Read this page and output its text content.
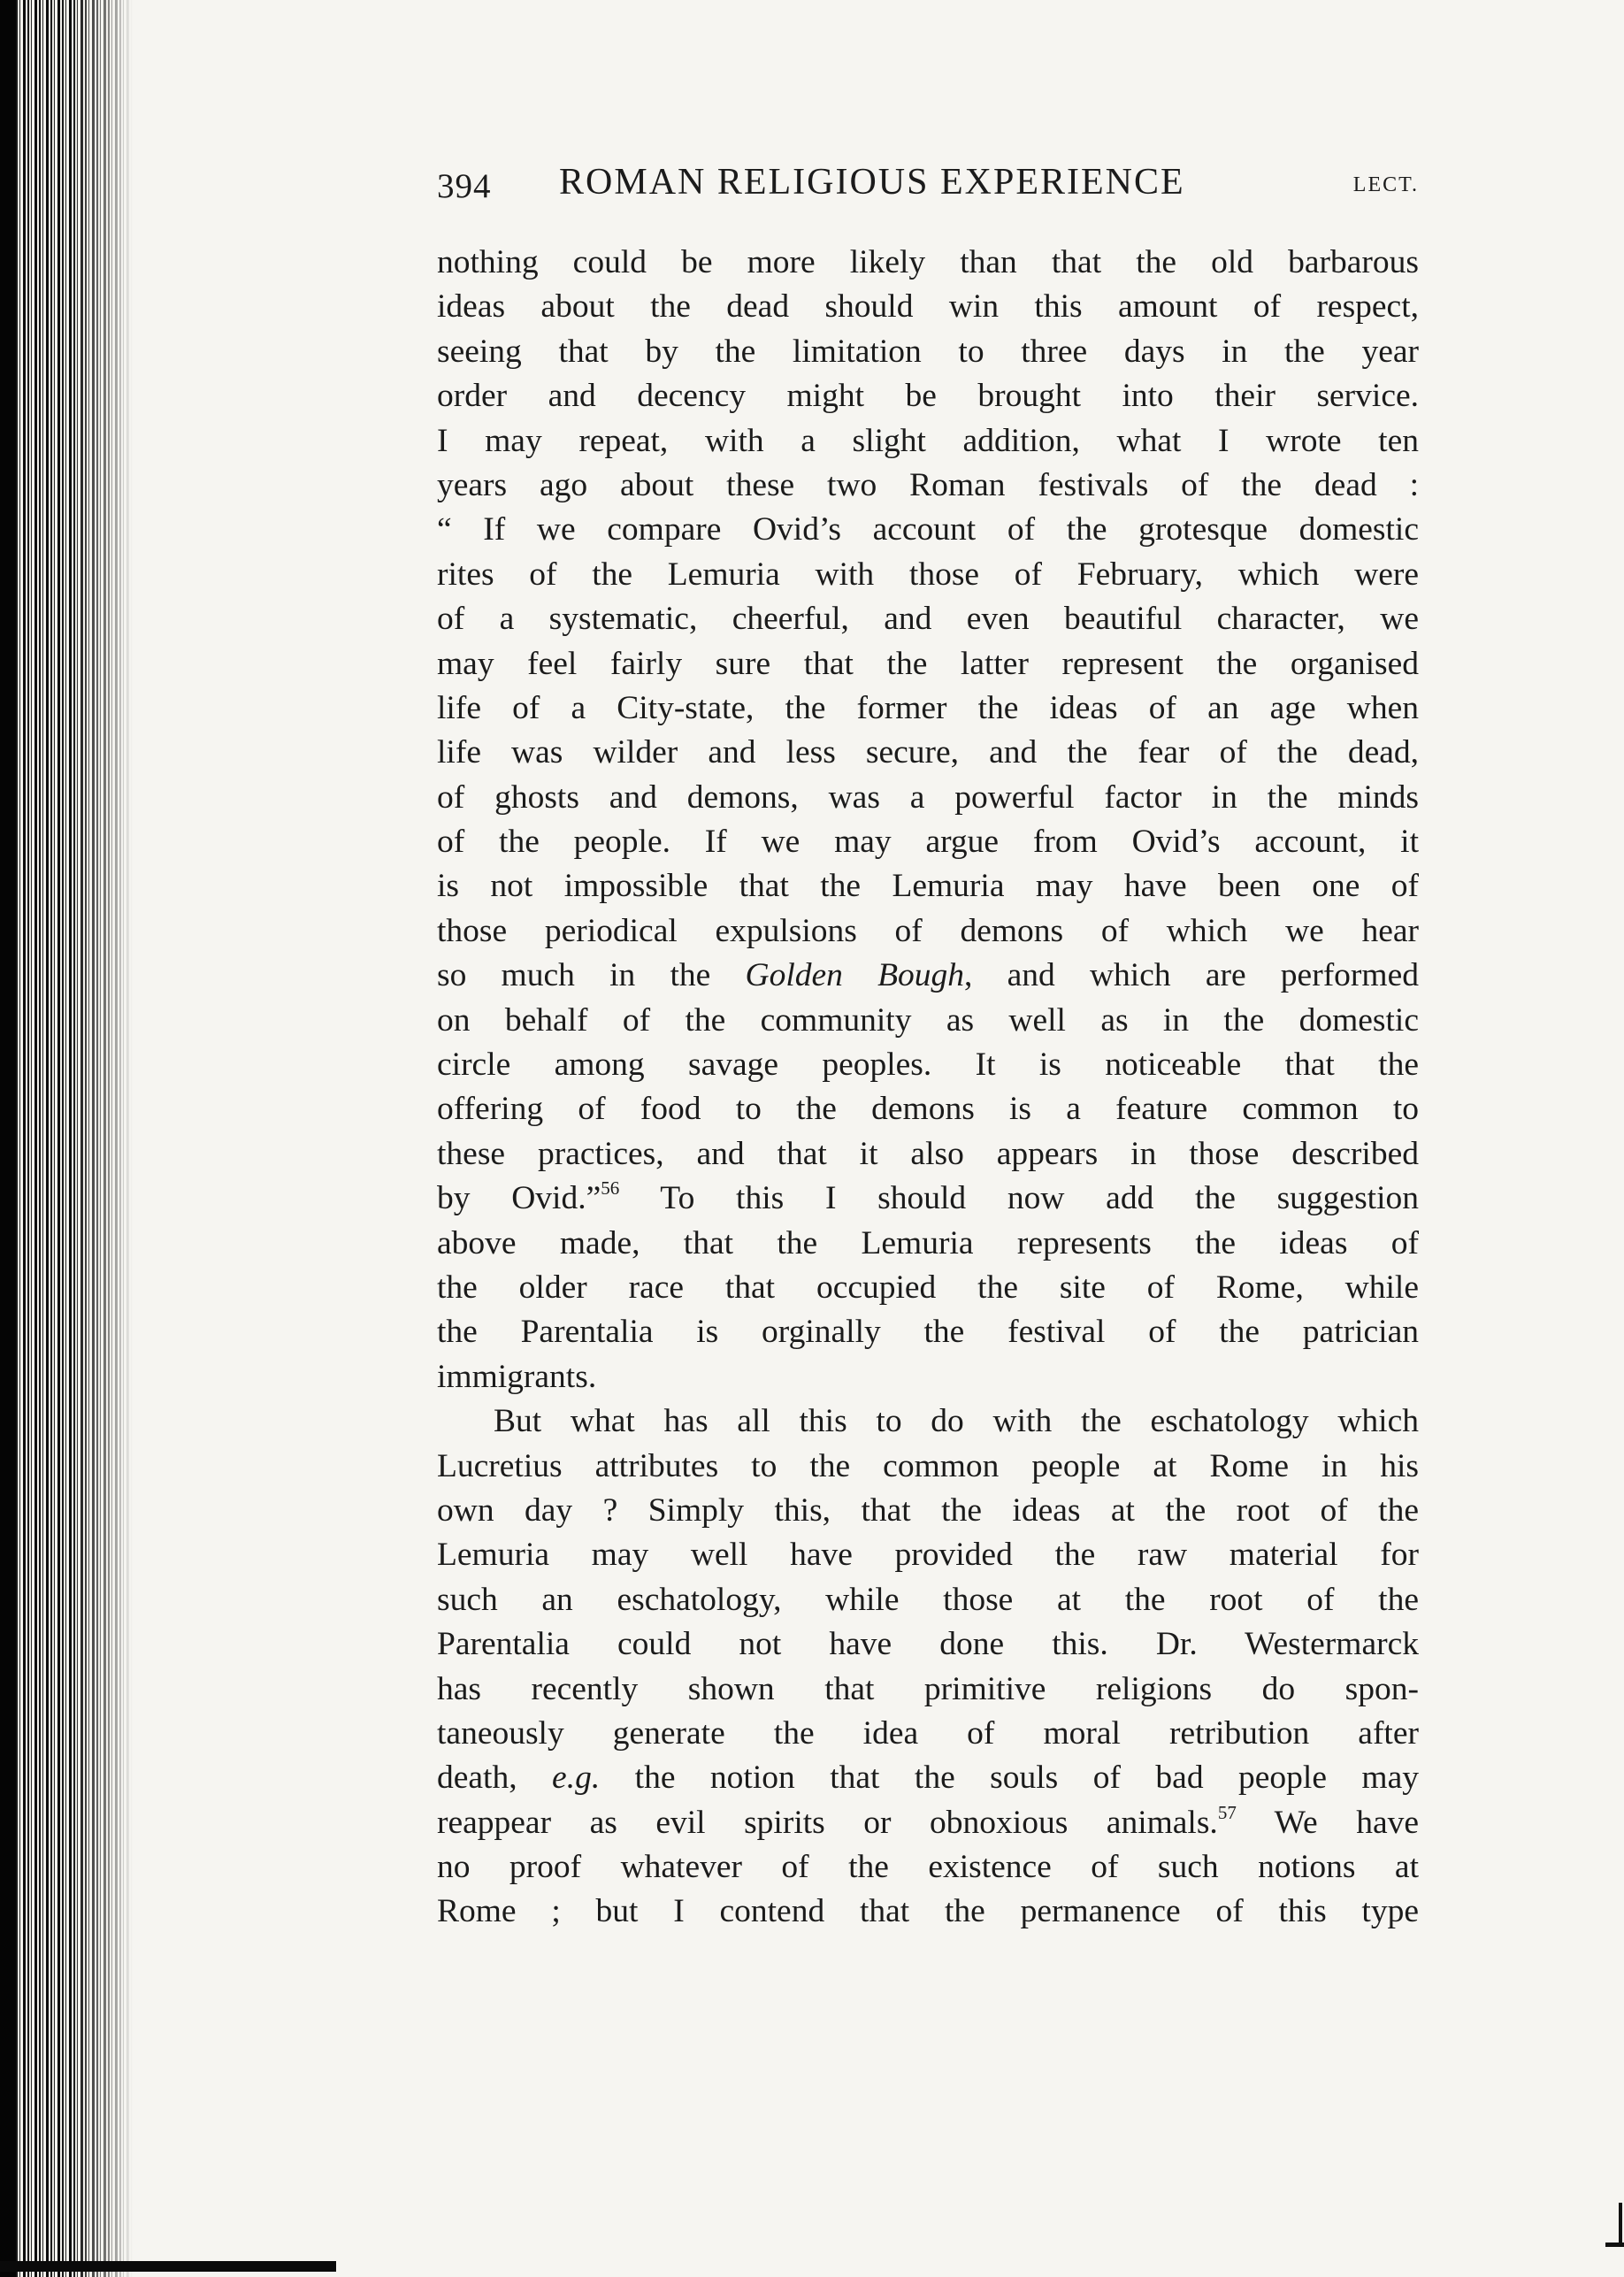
394 ROMAN RELIGIOUS EXPERIENCE	LECT.
nothing could be more likely than that the old barbarous
ideas about the dead should win this amount of respect,
seeing that by the limitation to three days in the year
order and decency might be brought into their service.
I may repeat, with a slight addition, what I wrote ten
years ago about these two Roman festivals of the dead :
“ If we compare Ovid’s account of the grotesque domestic
rites of the Lemuria with those of February, which were
of a systematic, cheerful, and even beautiful character, we
may feel fairly sure that the latter represent the organised
life of a City-state, the former the ideas of an age when
life was wilder and less secure, and the fear of the dead,
of ghosts and demons, was a powerful factor in the minds
of the people. If we may argue from Ovid’s account, it
is not impossible that the Lemuria may have been one of
those periodical expulsions of demons of which we hear
so much in the Golden Bough, and which are performed
on behalf of the community as well as in the domestic
circle among savage peoples. It is noticeable that the
offering of food to the demons is a feature common to
these practices, and that it also appears in those described
by Ovid.”$^{56}$ To this I should now add the suggestion
above made, that the Lemuria represents the ideas of
the older race that occupied the site of Rome, while
the Parentalia is orginally the festival of the patrician
immigrants.
But what has all this to do with the eschatology which
Lucretius attributes to the common people at Rome in his
own day ? Simply this, that the ideas at the root of the
Lemuria may well have provided the raw material for
such an eschatology, while those at the root of the
Parentalia could not have done this. Dr. Westermarck
has recently shown that primitive religions do spon-
taneously generate the idea of moral retribution after
death, e.g. the notion that the souls of bad people may
reappear as evil spirits or obnoxious animals.$^{57}$ We have
no proof whatever of the existence of such notions at
Rome ; but I contend that the permanence of this type
